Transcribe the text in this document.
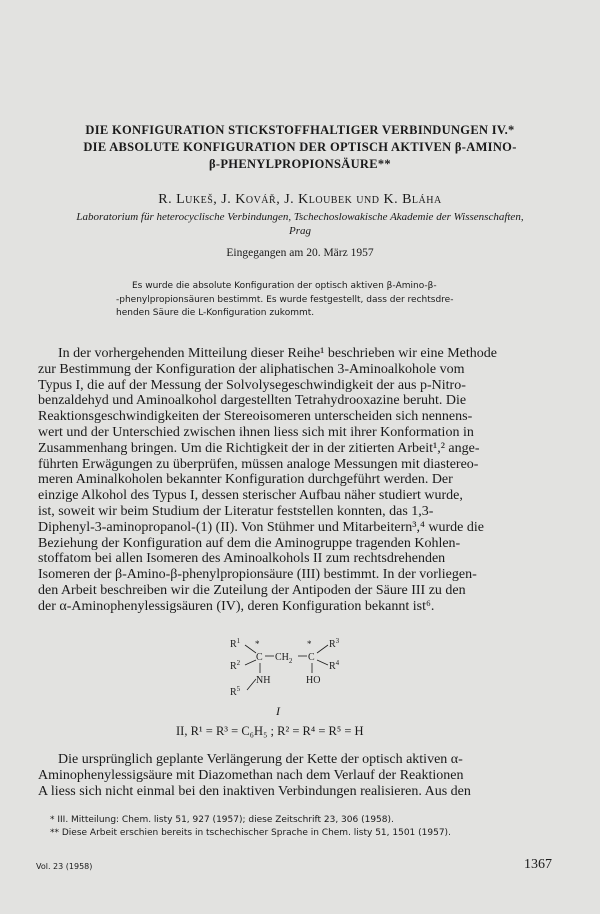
DIE KONFIGURATION STICKSTOFFHALTIGER VERBINDUNGEN IV.*
DIE ABSOLUTE KONFIGURATION DER OPTISCH AKTIVEN β-AMINO-
β-PHENYLPROPIONSÄURE**
R. Lukeš, J. Kovář, J. Kloubek und K. Bláha
Laboratorium für heterocyclische Verbindungen, Tschechoslowakische Akademie der Wissenschaften,
Prag
Eingegangen am 20. März 1957
Es wurde die absolute Konfiguration der optisch aktiven β-Amino-β-
-phenylpropionsäuren bestimmt. Es wurde festgestellt, dass der rechtsdre-
henden Säure die L-Konfiguration zukommt.
In der vorhergehenden Mitteilung dieser Reihe¹ beschrieben wir eine Methode
zur Bestimmung der Konfiguration der aliphatischen 3-Aminoalkohole vom
Typus I, die auf der Messung der Solvolysegeschwindigkeit der aus p-Nitro-
benzaldehyd und Aminoalkohol dargestellten Tetrahydrooxazine beruht. Die
Reaktionsgeschwindigkeiten der Stereoisomeren unterscheiden sich nennens-
wert und der Unterschied zwischen ihnen liess sich mit ihrer Konformation in
Zusammenhang bringen. Um die Richtigkeit der in der zitierten Arbeit¹,² ange-
führten Erwägungen zu überprüfen, müssen analoge Messungen mit diastereo-
meren Aminalkoholen bekannter Konfiguration durchgeführt werden. Der
einzige Alkohol des Typus I, dessen sterischer Aufbau näher studiert wurde,
ist, soweit wir beim Studium der Literatur feststellen konnten, das 1,3-
Diphenyl-3-aminopropanol-(1) (II). Von Stühmer und Mitarbeitern³,⁴ wurde die
Beziehung der Konfiguration auf dem die Aminogruppe tragenden Kohlen-
stoffatom bei allen Isomeren des Aminoalkohols II zum rechtsdrehenden
Isomeren der β-Amino-β-phenylpropionsäure (III) bestimmt. In der vorliegen-
den Arbeit beschreiben wir die Zuteilung der Antipoden der Säure III zu den
der α-Aminophenylessigsäuren (IV), deren Konfiguration bekannt ist⁶.
$R^1$
$R^2$
*
C $CH_2$
*
C
$R^3$
$R^4$
NH	HO
$R^5$
I
II, R¹ = R³ = C₆H₅ ; R² = R⁴ = R⁵ = H
Die ursprünglich geplante Verlängerung der Kette der optisch aktiven α-
Aminophenylessigsäure mit Diazomethan nach dem Verlauf der Reaktionen
A liess sich nicht einmal bei den inaktiven Verbindungen realisieren. Aus den
* III. Mitteilung: Chem. listy 51, 927 (1957); diese Zeitschrift 23, 306 (1958).
** Diese Arbeit erschien bereits in tschechischer Sprache in Chem. listy 51, 1501 (1957).
Vol. 23 (1958)	1367
